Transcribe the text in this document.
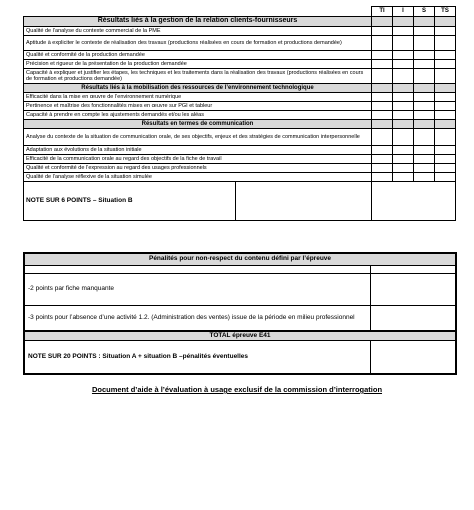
	TI	I	S	TS
Résultats liés à la gestion de la relation clients-fournisseurs				
Qualité de l’analyse du contexte commercial de la PME				
Aptitude à expliciter le contexte de réalisation des travaux (productions réalisées en cours de formation et productions demandée)				
Qualité et conformité de la production demandée				
Précision et rigueur de la présentation de la production demandée				
Capacité à expliquer et justifier les étapes, les techniques et les traitements dans la réalisation des travaux (productions réalisées en cours de formation et productions demandée)				
Résultats liés à la mobilisation des ressources de l’environnement technologique				
Efficacité dans la mise en œuvre de l’environnement numérique				
Pertinence et maîtrise des fonctionnalités mises en œuvre sur PGI et tableur				
Capacité à prendre en compte les ajustements demandés et/ou les aléas				
Résultats en termes de communication				
Analyse du contexte de la situation de communication orale, de ses objectifs, enjeux et des stratégies de communication interpersonnelle				
Adaptation aux évolutions de la situation initiale				
Efficacité de la communication orale au regard des objectifs de la fiche de travail				
Qualité et conformité de l’expression au regard des usages professionnels				
Qualité de l’analyse réflexive de la situation simulée				

NOTE SUR 6 POINTS – Situation B				

Pénalités pour non-respect du contenu défini par l’épreuve	

-2 points par fiche manquante	
-3 points pour l’absence d’une activité 1.2. (Administration des ventes) issue de la période en milieu professionnel	
TOTAL épreuve E41	
NOTE SUR 20 POINTS : Situation A + situation B –pénalités éventuelles	
Document d’aide à l’évaluation à usage exclusif de la commission d’interrogation
